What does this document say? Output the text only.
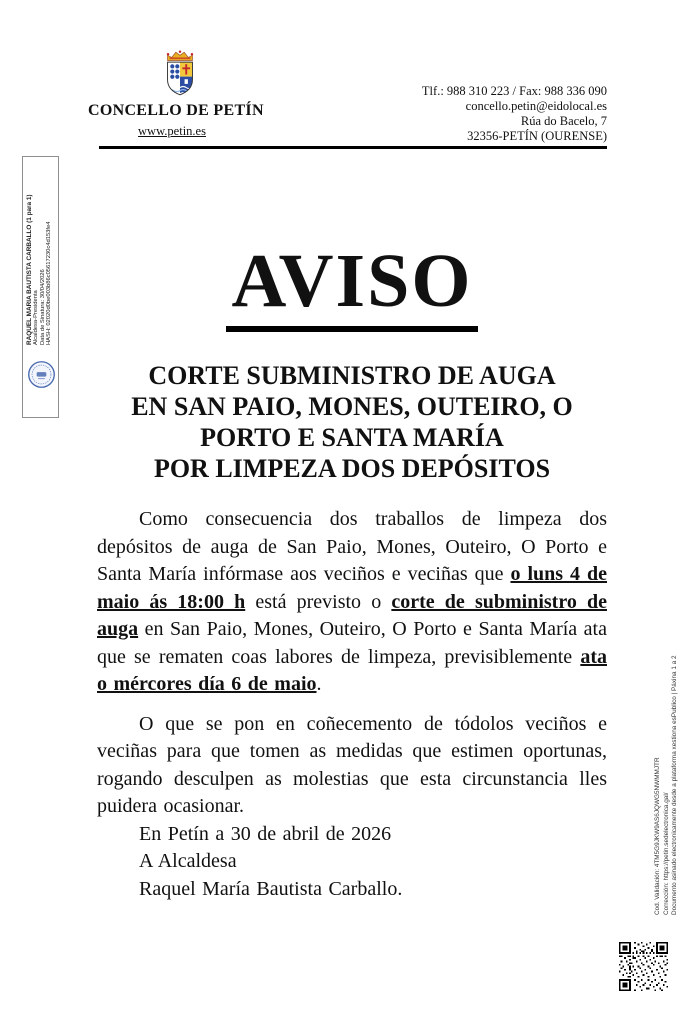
CONCELLO DE PETÍN
www.petin.es
Tlf.: 988 310 223 / Fax: 988 336 090
concello.petin@eidolocal.es
Rúa do Bacelo, 7
32356-PETÍN (OURENSE)
RAQUEL MARIA BAUTISTA CARBALLO (1 para 1) Alcaldesa-Presidenta Data de Sinatura: 30/04/2026 HASH: 02020d0be003b86c05617230c4d153fe4	AVISO
CORTE SUBMINISTRO DE AUGA
EN SAN PAIO, MONES, OUTEIRO, O
PORTO E SANTA MARÍA
POR LIMPEZA DOS DEPÓSITOS

Como consecuencia dos traballos de limpeza dos depósitos de auga de San Paio, Mones, Outeiro, O Porto e Santa María infórmase aos veciños e veciñas que o luns 4 de maio ás 18:00 h está previsto o corte de subministro de auga en San Paio, Mones, Outeiro, O Porto e Santa María ata que se rematen coas labores de limpeza, previsiblemente ata o mércores día 6 de maio.

O que se pon en coñecemento de tódolos veciños e veciñas para que tomen as medidas que estimen oportunas, rogando desculpen as molestias que esta circunstancia lles puidera ocasionar.

En Petín a 30 de abril de 2026

A Alcaldesa

Raquel María Bautista Carballo.	Cod. Validación: 4TM5G9JKW9AS6JQWG5NWMMJTR Corrección: https://petin.sedelectronica.gal/ Documento asinado electronicamente desde a plataforma xestiona esPublico | Páxina 1 a 2
